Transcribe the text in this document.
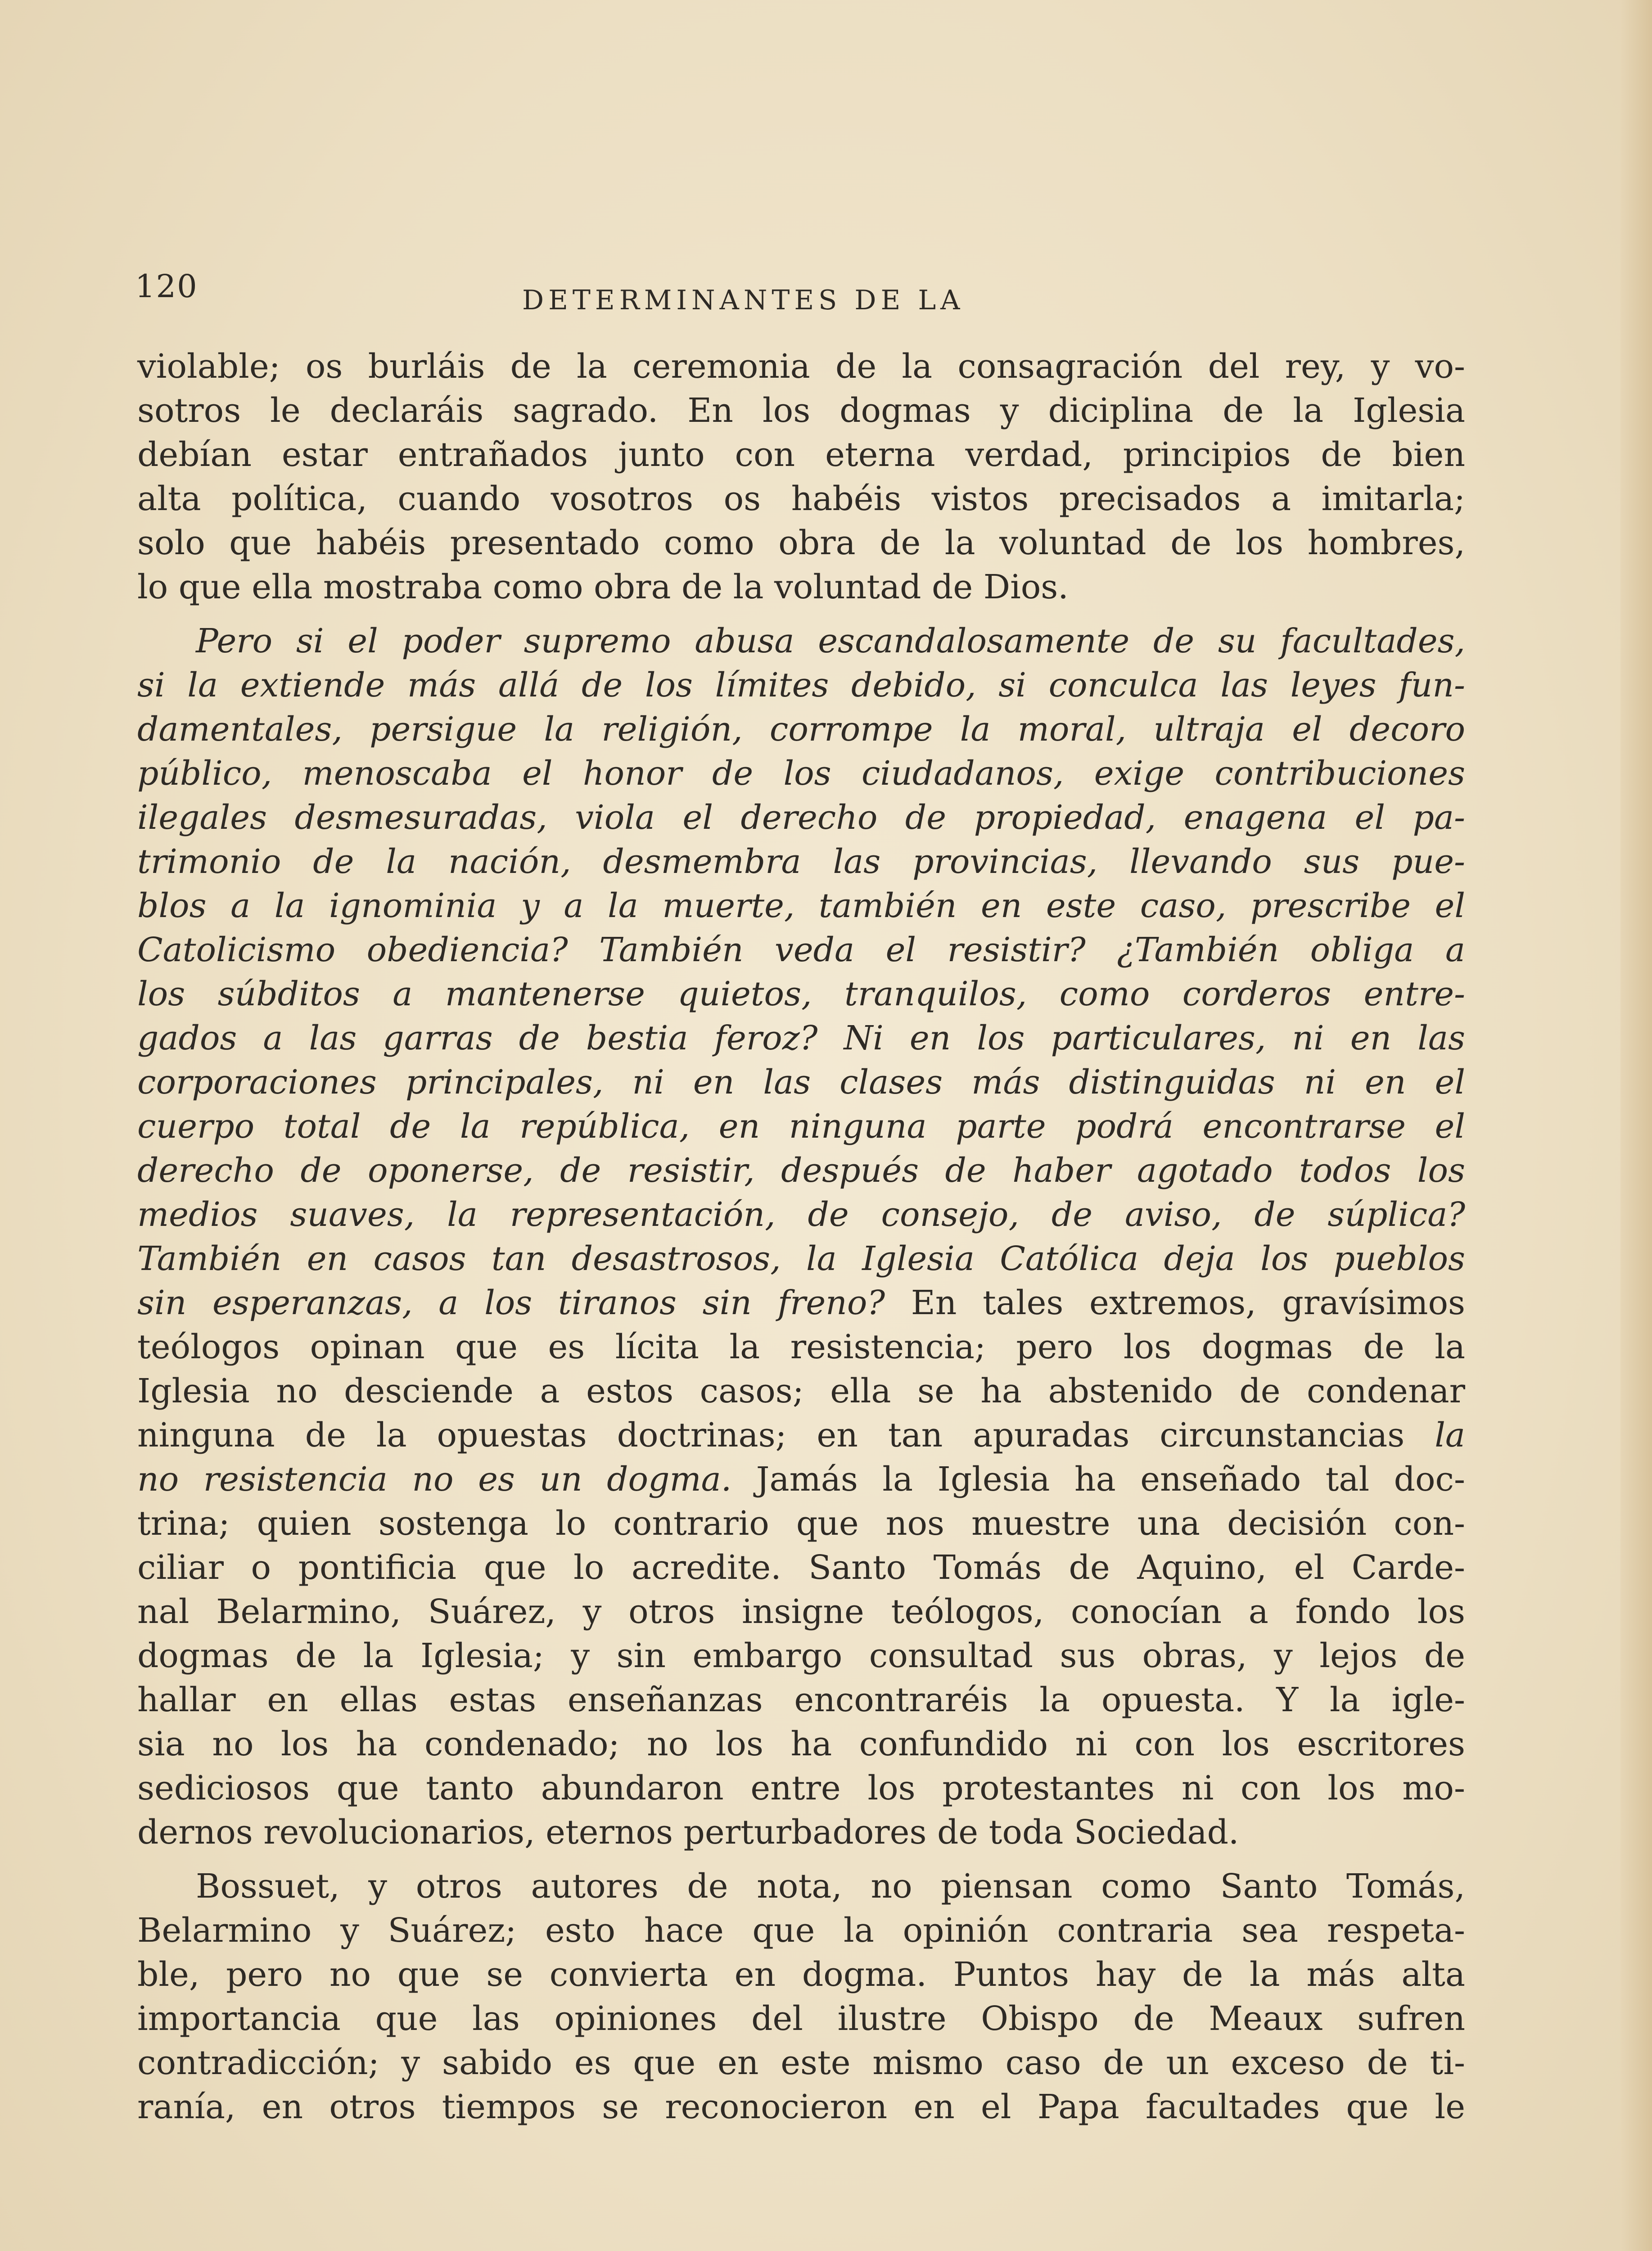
120	DETERMINANTES DE LA
violable; os burláis de la ceremonia de la consagración del rey, y vo-
sotros le declaráis sagrado. En los dogmas y diciplina de la Iglesia
debían estar entrañados junto con eterna verdad, principios de bien
alta política, cuando vosotros os habéis vistos precisados a imitarla;
solo que habéis presentado como obra de la voluntad de los hombres,
lo que ella mostraba como obra de la voluntad de Dios.
Pero si el poder supremo abusa escandalosamente de su facultades,
si la extiende más allá de los límites debido, si conculca las leyes fun-
damentales, persigue la religión, corrompe la moral, ultraja el decoro
público, menoscaba el honor de los ciudadanos, exige contribuciones
ilegales desmesuradas, viola el derecho de propiedad, enagena el pa-
trimonio de la nación, desmembra las provincias, llevando sus pue-
blos a la ignominia y a la muerte, también en este caso, prescribe el
Catolicismo obediencia? También veda el resistir? ¿También obliga a
los súbditos a mantenerse quietos, tranquilos, como corderos entre-
gados a las garras de bestia feroz? Ni en los particulares, ni en las
corporaciones principales, ni en las clases más distinguidas ni en el
cuerpo total de la república, en ninguna parte podrá encontrarse el
derecho de oponerse, de resistir, después de haber agotado todos los
medios suaves, la representación, de consejo, de aviso, de súplica?
También en casos tan desastrosos, la Iglesia Católica deja los pueblos
sin esperanzas, a los tiranos sin freno? En tales extremos, gravísimos
teólogos opinan que es lícita la resistencia; pero los dogmas de la
Iglesia no desciende a estos casos; ella se ha abstenido de condenar
ninguna de la opuestas doctrinas; en tan apuradas circunstancias la
no resistencia no es un dogma. Jamás la Iglesia ha enseñado tal doc-
trina; quien sostenga lo contrario que nos muestre una decisión con-
ciliar o pontificia que lo acredite. Santo Tomás de Aquino, el Carde-
nal Belarmino, Suárez, y otros insigne teólogos, conocían a fondo los
dogmas de la Iglesia; y sin embargo consultad sus obras, y lejos de
hallar en ellas estas enseñanzas encontraréis la opuesta. Y la igle-
sia no los ha condenado; no los ha confundido ni con los escritores
sediciosos que tanto abundaron entre los protestantes ni con los mo-
dernos revolucionarios, eternos perturbadores de toda Sociedad.
Bossuet, y otros autores de nota, no piensan como Santo Tomás,
Belarmino y Suárez; esto hace que la opinión contraria sea respeta-
ble, pero no que se convierta en dogma. Puntos hay de la más alta
importancia que las opiniones del ilustre Obispo de Meaux sufren
contradicción; y sabido es que en este mismo caso de un exceso de ti-
ranía, en otros tiempos se reconocieron en el Papa facultades que le
